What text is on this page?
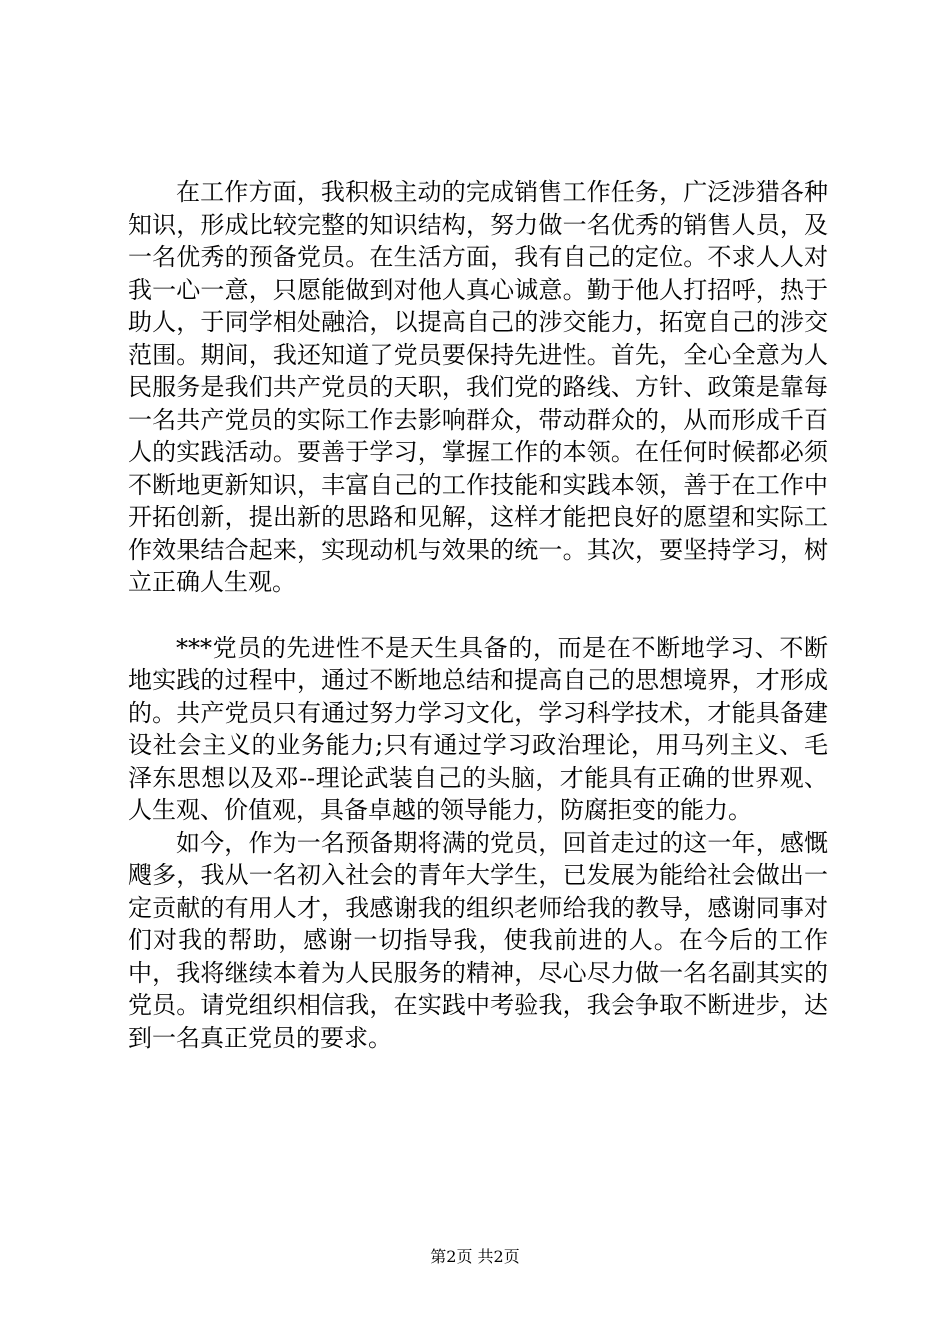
在工作方面，我积极主动的完成销售工作任务，广泛涉猎各种知识，形成比较完整的知识结构，努力做一名优秀的销售人员，及一名优秀的预备党员。在生活方面，我有自己的定位。不求人人对我一心一意，只愿能做到对他人真心诚意。勤于他人打招呼，热于助人，于同学相处融洽，以提高自己的涉交能力，拓宽自己的涉交范围。期间，我还知道了党员要保持先进性。首先，全心全意为人民服务是我们共产党员的天职，我们党的路线、方针、政策是靠每一名共产党员的实际工作去影响群众，带动群众的，从而形成千百人的实践活动。要善于学习，掌握工作的本领。在任何时候都必须不断地更新知识，丰富自己的工作技能和实践本领，善于在工作中开拓创新，提出新的思路和见解，这样才能把良好的愿望和实际工作效果结合起来，实现动机与效果的统一。其次，要坚持学习，树立正确人生观。

***党员的先进性不是天生具备的，而是在不断地学习、不断地实践的过程中，通过不断地总结和提高自己的思想境界，才形成的。共产党员只有通过努力学习文化，学习科学技术，才能具备建设社会主义的业务能力;只有通过学习政治理论，用马列主义、毛泽东思想以及邓--理论武装自己的头脑，才能具有正确的世界观、人生观、价值观，具备卓越的领导能力，防腐拒变的能力。

如今，作为一名预备期将满的党员，回首走过的这一年，感慨飕多，我从一名初入社会的青年大学生，已发展为能给社会做出一定贡献的有用人才，我感谢我的组织老师给我的教导，感谢同事对们对我的帮助，感谢一切指导我，使我前进的人。在今后的工作中，我将继续本着为人民服务的精神，尽心尽力做一名名副其实的党员。请党组织相信我，在实践中考验我，我会争取不断进步，达到一名真正党员的要求。

第2页 共2页
